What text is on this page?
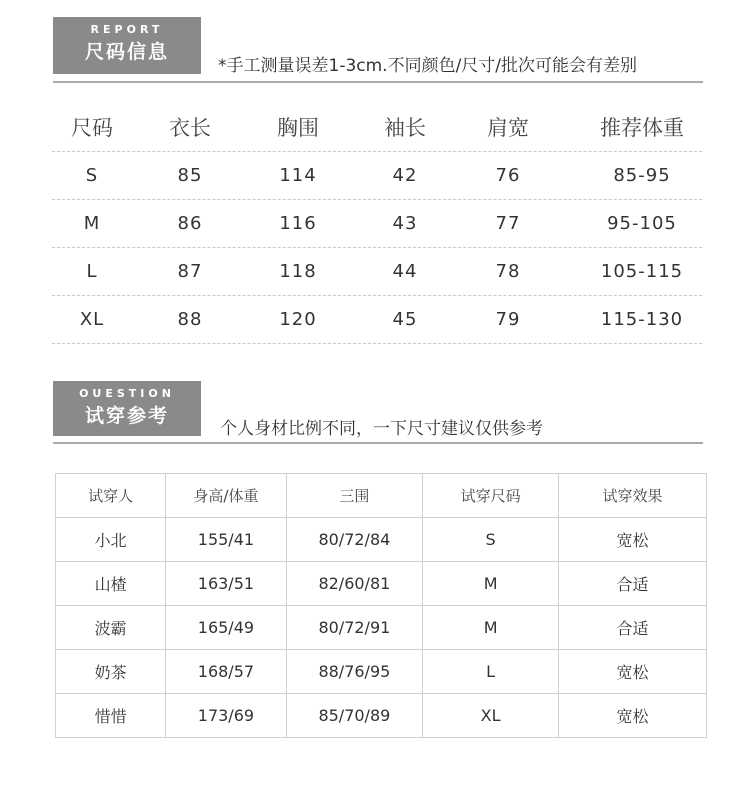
REPORT
尺码信息
*手工测量误差1-3cm.不同颜色/尺寸/批次可能会有差别
尺码	衣长	胸围	袖长	肩宽	推荐体重
S	85	114	42	76	85-95
M	86	116	43	77	95-105
L	87	118	44	78	105-115
XL	88	120	45	79	115-130
OUESTION
试穿参考
个人身材比例不同，一下尺寸建议仅供参考
试穿人	身高/体重	三围	试穿尺码	试穿效果
小北	155/41	80/72/84	S	宽松
山楂	163/51	82/60/81	M	合适
波霸	165/49	80/72/91	M	合适
奶茶	168/57	88/76/95	L	宽松
惜惜	173/69	85/70/89	XL	宽松
